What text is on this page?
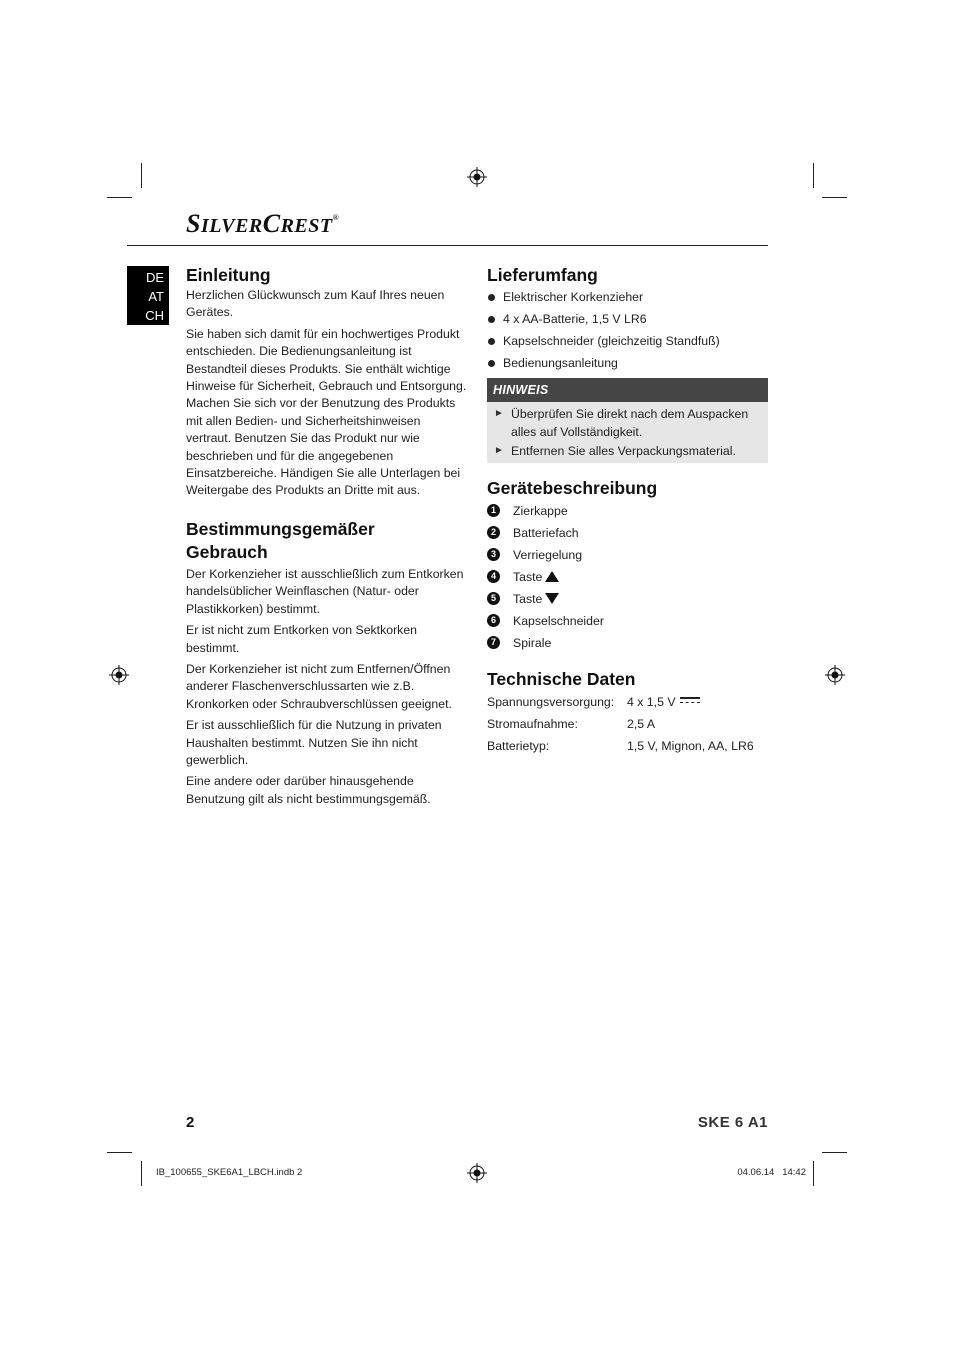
SILVERCREST®
DE
AT
CH
Einleitung

Herzlichen Glückwunsch zum Kauf Ihres neuen Gerätes.

Sie haben sich damit für ein hochwertiges Produkt entschieden. Die Bedienungsanleitung ist Bestandteil dieses Produkts. Sie enthält wichtige Hinweise für Sicherheit, Gebrauch und Entsorgung. Machen Sie sich vor der Benutzung des Produkts mit allen Bedien- und Sicherheitshinweisen vertraut. Benutzen Sie das Produkt nur wie beschrieben und für die angegebenen Einsatzbereiche. Händigen Sie alle Unterlagen bei Weitergabe des Produkts an Dritte mit aus.

Bestimmungsgemäßer
Gebrauch

Der Korkenzieher ist ausschließlich zum Entkorken handelsüblicher Weinflaschen (Natur- oder Plastikkorken) bestimmt.

Er ist nicht zum Entkorken von Sektkorken bestimmt.

Der Korkenzieher ist nicht zum Entfernen/Öffnen anderer Flaschenverschlussarten wie z.B. Kronkorken oder Schraubverschlüssen geeignet.

Er ist ausschließlich für die Nutzung in privaten Haushalten bestimmt. Nutzen Sie ihn nicht gewerblich.

Eine andere oder darüber hinausgehende Benutzung gilt als nicht bestimmungsgemäß.

Lieferumfang
Elektrischer Korkenzieher
4 x AA-Batterie, 1,5 V LR6
Kapselschneider (gleichzeitig Standfuß)
Bedienungsanleitung
HINWEIS
► Überprüfen Sie direkt nach dem Auspacken alles auf Vollständigkeit.
► Entfernen Sie alles Verpackungsmaterial.
Gerätebeschreibung
1	Zierkappe
2	Batteriefach
3	Verriegelung
4	Taste
5	Taste
6	Kapselschneider
7	Spirale
Technische Daten
Spannungsversorgung:	4 x 1,5 V
Stromaufnahme:	2,5 A
Batterietyp:	1,5 V, Mignon, AA, LR6
2	SKE 6 A1
IB_100655_SKE6A1_LBCH.indb 2	04.06.14   14:42
